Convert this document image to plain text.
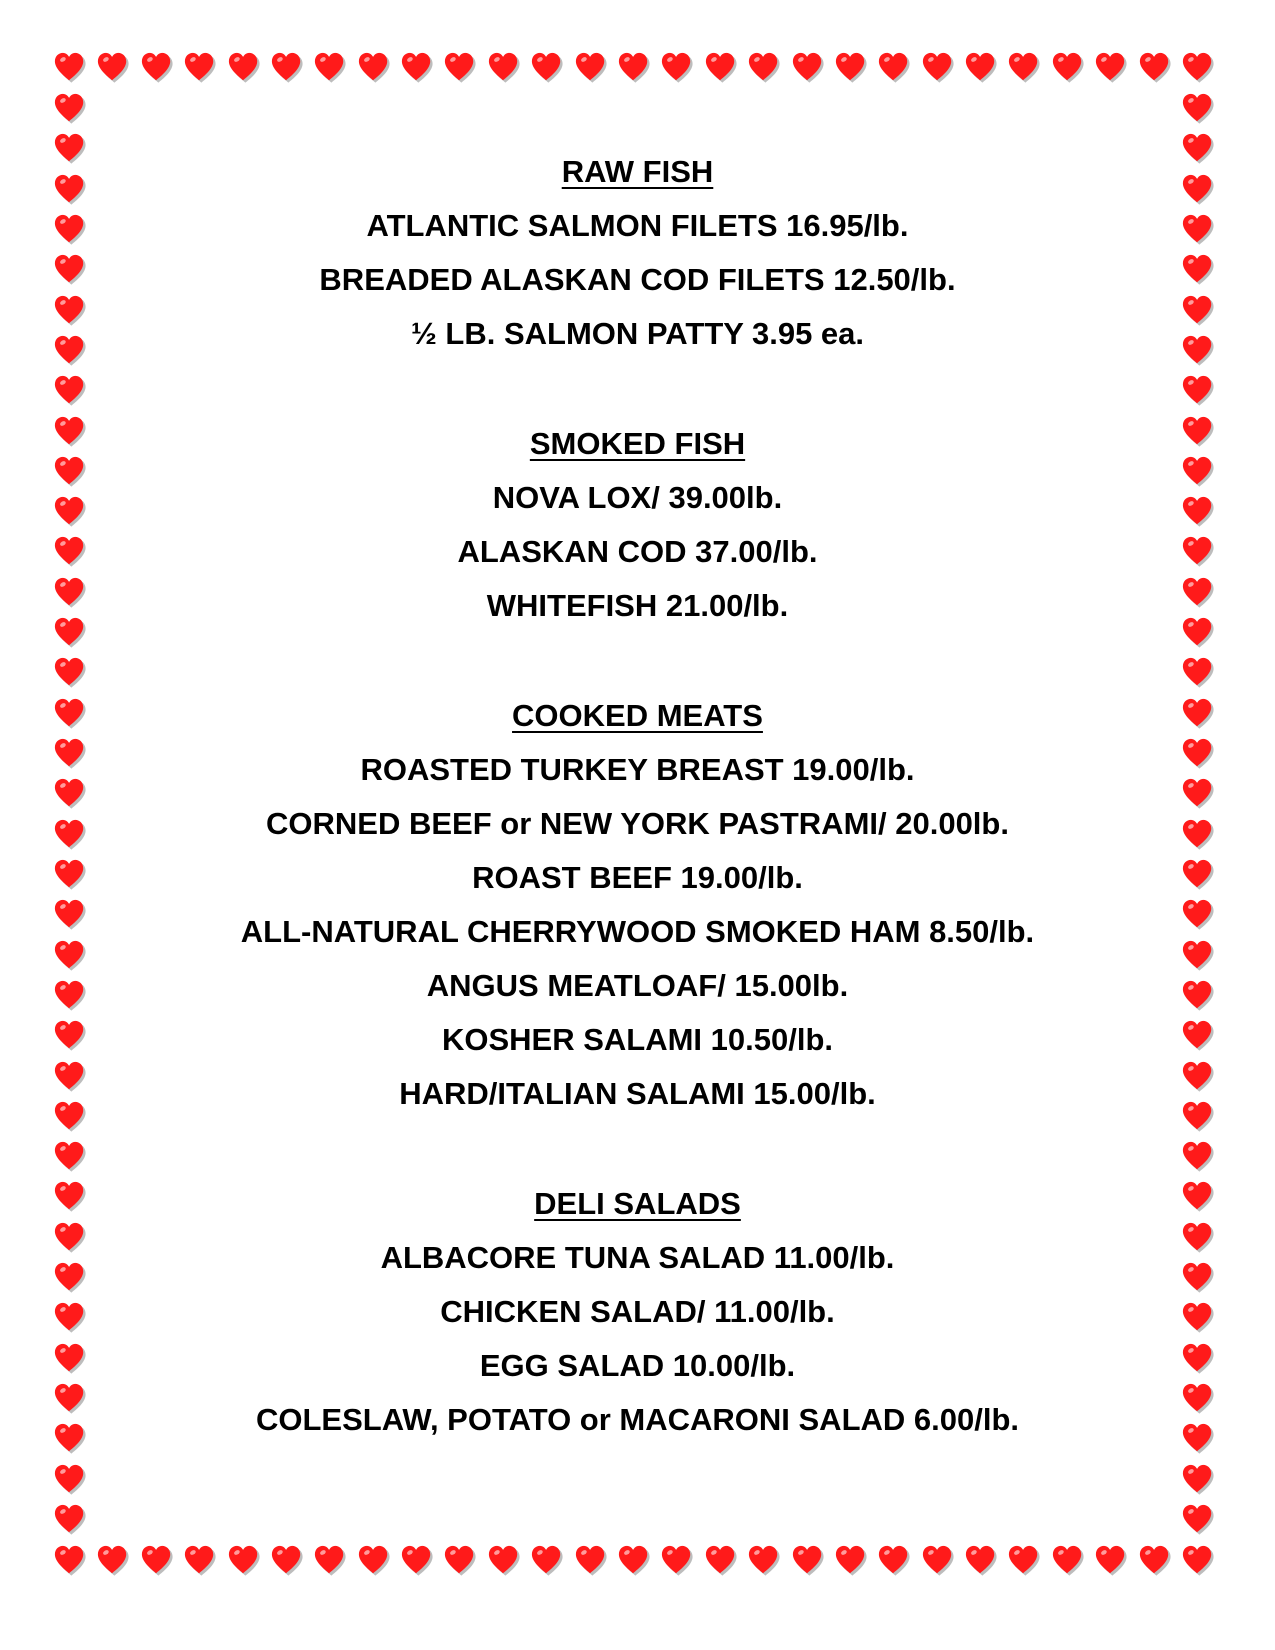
RAW FISH
ATLANTIC SALMON FILETS 16.95/lb.
BREADED ALASKAN COD FILETS 12.50/lb.
½ LB. SALMON PATTY 3.95 ea.
SMOKED FISH
NOVA LOX/ 39.00lb.
ALASKAN COD 37.00/lb.
WHITEFISH 21.00/lb.
COOKED MEATS
ROASTED TURKEY BREAST 19.00/lb.
CORNED BEEF or NEW YORK PASTRAMI/ 20.00lb.
ROAST BEEF 19.00/lb.
ALL-NATURAL CHERRYWOOD SMOKED HAM 8.50/lb.
ANGUS MEATLOAF/ 15.00lb.
KOSHER SALAMI 10.50/lb.
HARD/ITALIAN SALAMI 15.00/lb.
DELI SALADS
ALBACORE TUNA SALAD 11.00/lb.
CHICKEN SALAD/ 11.00/lb.
EGG SALAD 10.00/lb.
COLESLAW, POTATO or MACARONI SALAD 6.00/lb.
